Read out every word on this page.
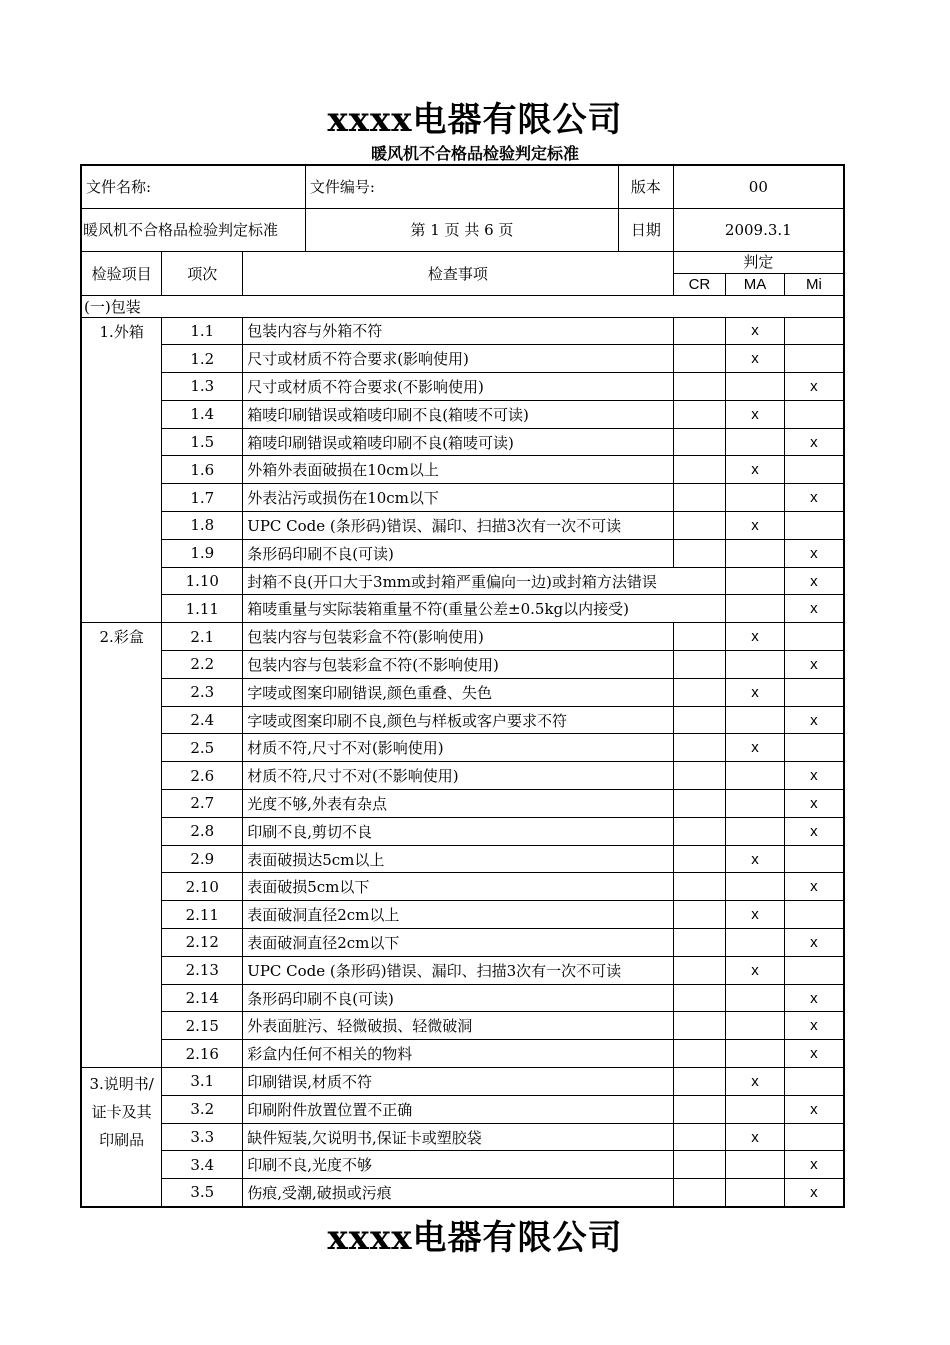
xxxx电器有限公司
暖风机不合格品检验判定标准
文件名称:			文件编号:	版本	00		
暖风机不合格品检验判定标准			第 1 页 共 6 页	日期	2009.3.1		
检验项目	项次	检查事项			判定		
					CR	MA	Mi
(一)包装							

1.外箱	1.1	包装内容与外箱不符				x	
	1.2	尺寸或材质不符合要求(影响使用)				x	
	1.3	尺寸或材质不符合要求(不影响使用)					x
	1.4	箱唛印刷错误或箱唛印刷不良(箱唛不可读)				x	
	1.5	箱唛印刷错误或箱唛印刷不良(箱唛可读)					x
	1.6	外箱外表面破损在10cm以上				x	
	1.7	外表沾污或损伤在10cm以下					x
	1.8	UPC Code (条形码)错误、漏印、扫描3次有一次不可读				x	
	1.9	条形码印刷不良(可读)					x
	1.10	封箱不良(开口大于3mm或封箱严重偏向一边)或封箱方法错误					x
	1.11	箱唛重量与实际装箱重量不符(重量公差±0.5kg以内接受)					x

2.彩盒	2.1	包装内容与包装彩盒不符(影响使用)				x	
	2.2	包装内容与包装彩盒不符(不影响使用)					x
	2.3	字唛或图案印刷错误,颜色重叠、失色				x	
	2.4	字唛或图案印刷不良,颜色与样板或客户要求不符					x
	2.5	材质不符,尺寸不对(影响使用)				x	
	2.6	材质不符,尺寸不对(不影响使用)					x
	2.7	光度不够,外表有杂点					x
	2.8	印刷不良,剪切不良					x
	2.9	表面破损达5cm以上				x	
	2.10	表面破损5cm以下					x
	2.11	表面破洞直径2cm以上				x	
	2.12	表面破洞直径2cm以下					x
	2.13	UPC Code (条形码)错误、漏印、扫描3次有一次不可读				x	
	2.14	条形码印刷不良(可读)					x
	2.15	外表面脏污、轻微破损、轻微破洞					x
	2.16	彩盒内任何不相关的物料					x

3.说明书/
证卡及其
印刷品	3.1	印刷错误,材质不符				x	
	3.2	印刷附件放置位置不正确					x
	3.3	缺件短装,欠说明书,保证卡或塑胶袋				x	
	3.4	印刷不良,光度不够					x
	3.5	伤痕,受潮,破损或污痕					x
xxxx电器有限公司
